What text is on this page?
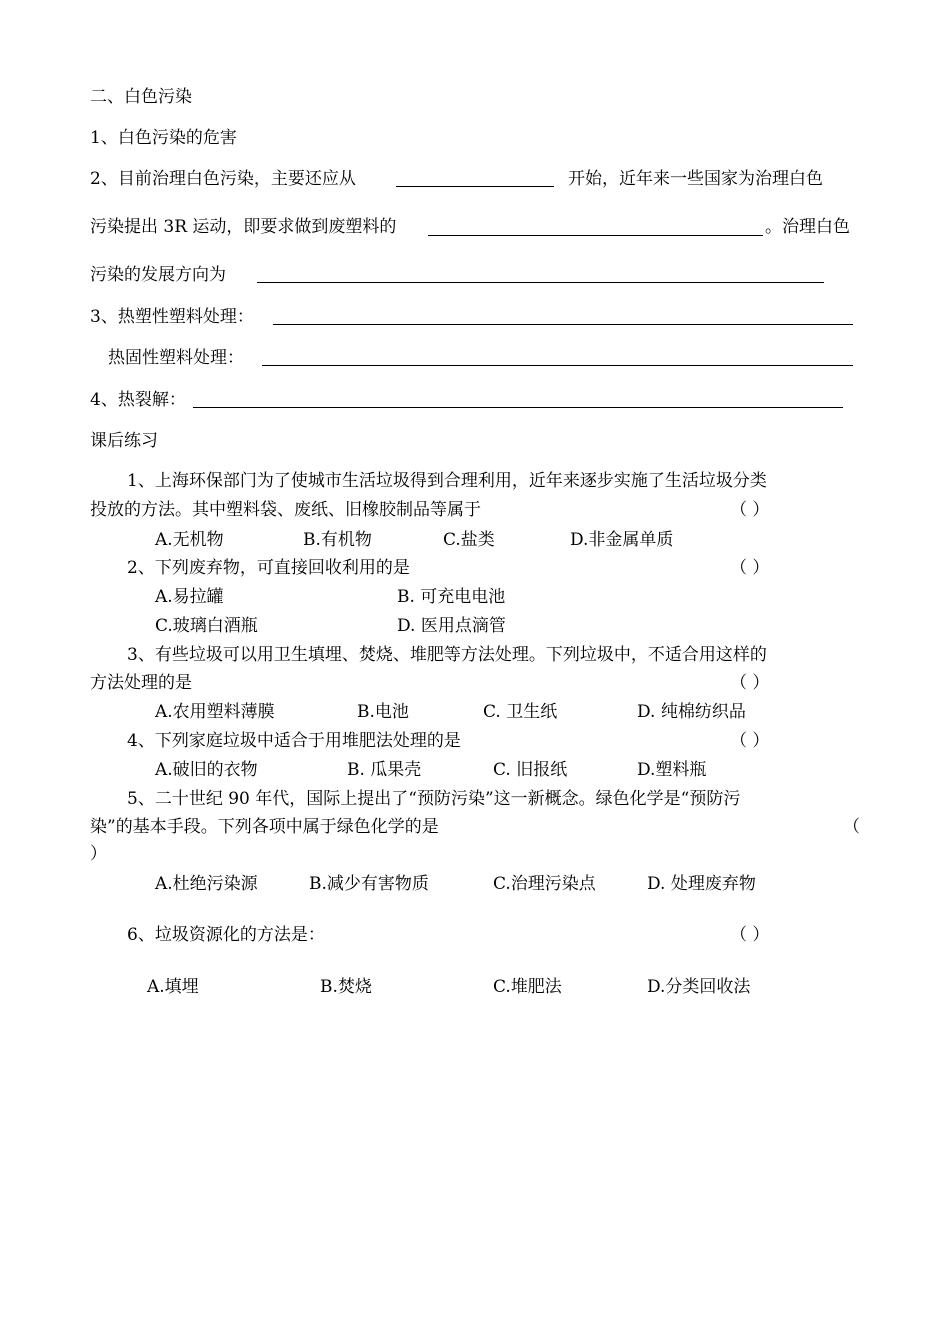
二、白色污染
1、白色污染的危害
2、目前治理白色污染，主要还应从	开始，近年来一些国家为治理白色
污染提出 3R 运动，即要求做到废塑料的	。治理白色
污染的发展方向为
3、热塑性塑料处理：
热固性塑料处理：
4、热裂解：
课后练习
1、上海环保部门为了使城市生活垃圾得到合理利用，近年来逐步实施了生活垃圾分类
投放的方法。其中塑料袋、废纸、旧橡胶制品等属于	（ ）
A.无机物	B.有机物	C.盐类	D.非金属单质
2、下列废弃物，可直接回收利用的是	（ ）
A.易拉罐	B. 可充电电池
C.玻璃白酒瓶	D. 医用点滴管
3、有些垃圾可以用卫生填埋、焚烧、堆肥等方法处理。下列垃圾中，不适合用这样的
方法处理的是	（ ）
A.农用塑料薄膜	B.电池	C. 卫生纸	D. 纯棉纺织品
4、下列家庭垃圾中适合于用堆肥法处理的是	（ ）
A.破旧的衣物	B. 瓜果壳	C. 旧报纸	D.塑料瓶
5、二十世纪 90 年代，国际上提出了“预防污染”这一新概念。绿色化学是“预防污
染”的基本手段。下列各项中属于绿色化学的是	（
）
A.杜绝污染源	B.减少有害物质	C.治理污染点	D. 处理废弃物
6、垃圾资源化的方法是：	（ ）
A.填埋	B.焚烧	C.堆肥法	D.分类回收法
